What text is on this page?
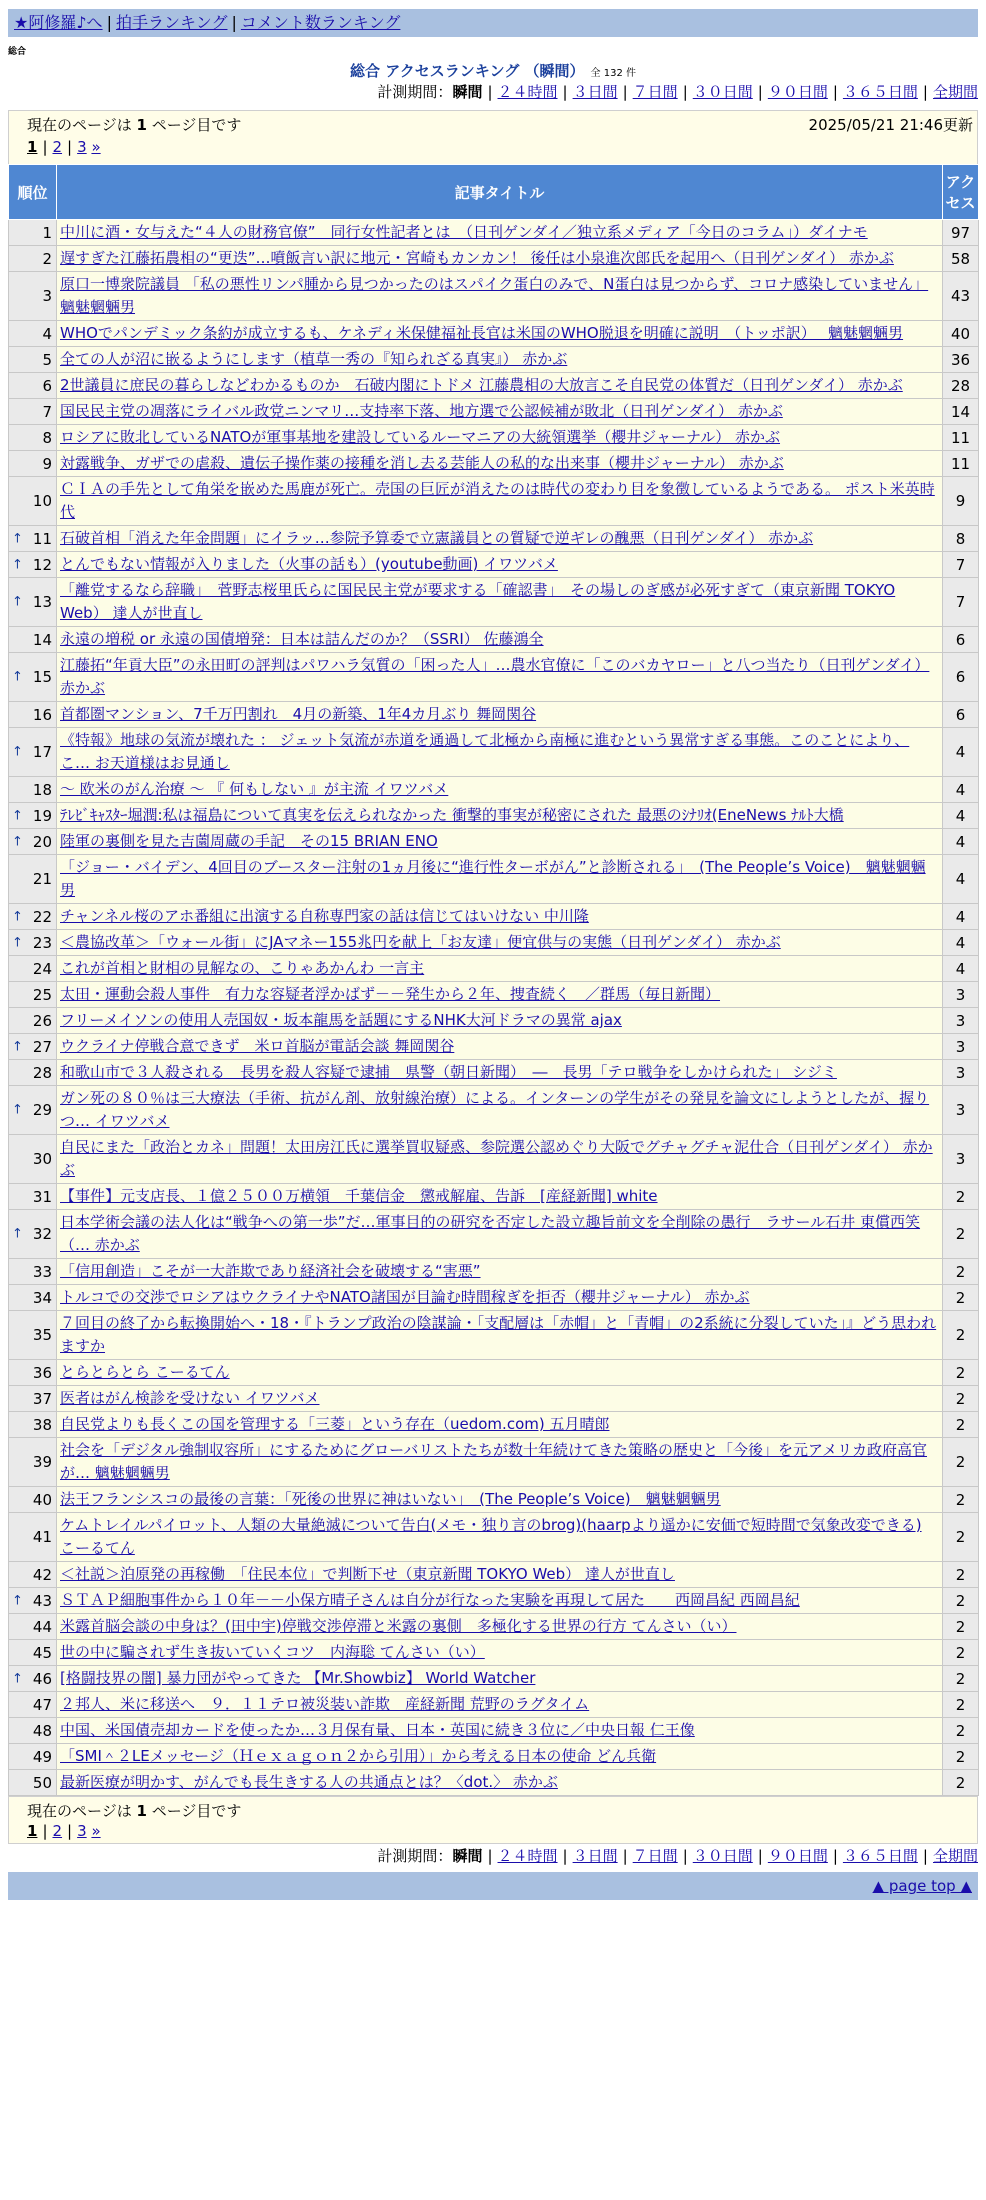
★阿修羅♪へ | 拍手ランキング | コメント数ランキング
総合
総合 アクセスランキング （瞬間） 全 132 件
計測期間：瞬間 | ２４時間 | ３日間 | ７日間 | ３０日間 | ９０日間 | ３６５日間 | 全期間
現在のページは 1 ページ目です	2025/05/21 21:46更新
1 | 2 | 3 »
順位	記事タイトル	アクセス
1	中川に酒・女与えた“４人の財務官僚”　同行女性記者とは　（日刊ゲンダイ／独立系メディア「今日のコラム」）ダイナモ	97
2	遅すぎた江藤拓農相の“更迭”…噴飯言い訳に地元・宮崎もカンカン！ 後任は小泉進次郎氏を起用へ（日刊ゲンダイ） 赤かぶ	58
3	原口一博衆院議員 「私の悪性リンパ腫から見つかったのはスパイク蛋白のみで、N蛋白は見つからず、コロナ感染していません」 魑魅魍魎男	43
4	WHOでパンデミック条約が成立するも、ケネディ米保健福祉長官は米国のWHO脱退を明確に説明　（トッポ訳）　 魑魅魍魎男	40
5	全ての人が沼に嵌るようにします（植草一秀の『知られざる真実』） 赤かぶ	36
6	2世議員に庶民の暮らしなどわかるものか　石破内閣にトドメ 江藤農相の大放言こそ自民党の体質だ（日刊ゲンダイ） 赤かぶ	28
7	国民民主党の凋落にライバル政党ニンマリ…支持率下落、地方選で公認候補が敗北（日刊ゲンダイ） 赤かぶ	14
8	ロシアに敗北しているNATOが軍事基地を建設しているルーマニアの大統領選挙（櫻井ジャーナル） 赤かぶ	11
9	対露戦争、ガザでの虐殺、遺伝子操作薬の接種を消し去る芸能人の私的な出来事（櫻井ジャーナル） 赤かぶ	11
10	ＣＩＡの手先として角栄を嵌めた馬鹿が死亡。売国の巨匠が消えたのは時代の変わり目を象徴しているようである。 ポスト米英時代	9

↑ 11	石破首相「消えた年金問題」にイラッ…参院予算委で立憲議員との質疑で逆ギレの醜悪（日刊ゲンダイ） 赤かぶ	8

↑ 12	とんでもない情報が入りました（火事の話も）(youtube動画) イワツバメ	7

↑ 13	「離党するなら辞職」　菅野志桜里氏らに国民民主党が要求する「確認書」　その場しのぎ感が必死すぎて（東京新聞 TOKYO Web） 達人が世直し	7
14	永遠の増税 or 永遠の国債増発：日本は詰んだのか？（SSRI） 佐藤鴻全	6

↑ 15	江藤拓“年貢大臣”の永田町の評判はパワハラ気質の「困った人」…農水官僚に「このバカヤロー」と八つ当たり（日刊ゲンダイ） 赤かぶ	6
16	首都圏マンション、7千万円割れ　4月の新築、1年4カ月ぶり 舞岡関谷	6

↑ 17	《特報》地球の気流が壊れた ： ジェット気流が赤道を通過して北極から南極に進むという異常すぎる事態。このことにより、こ… お天道様はお見通し	4
18	～ 欧米のがん治療 ～ 『 何もしない 』が主流 イワツバメ	4

↑ 19	ﾃﾚﾋﾞｷｬｽﾀｰ堀潤:私は福島について真実を伝えられなかった 衝撃的事実が秘密にされた 最悪のｼﾅﾘｵ(EneNews ﾅﾙﾄ大橋	4

↑ 20	陸軍の裏側を見た吉薗周蔵の手記　その15 BRIAN ENO	4
21	「ジョー・バイデン、4回目のブースター注射の1ヵ月後に“進行性ターボがん”と診断される」　(The People’s Voice)　魑魅魍魎男	4

↑ 22	チャンネル桜のアホ番組に出演する自称専門家の話は信じてはいけない 中川隆	4

↑ 23	＜農協改革＞「ウォール街」にJAマネー155兆円を献上「お友達」便宜供与の実態（日刊ゲンダイ） 赤かぶ	4
24	これが首相と財相の見解なの、こりゃあかんわ 一言主	4
25	太田・運動会殺人事件　有力な容疑者浮かばず－－発生から２年、捜査続く　／群馬（毎日新聞）	3
26	フリーメイソンの使用人売国奴・坂本龍馬を話題にするNHK大河ドラマの異常 ajax	3

↑ 27	ウクライナ停戦合意できず　米ロ首脳が電話会談 舞岡関谷	3
28	和歌山市で３人殺される　長男を殺人容疑で逮捕　県警（朝日新聞）　―　長男「テロ戦争をしかけられた」 シジミ	3

↑ 29	ガン死の８０％は三大療法（手術、抗がん剤、放射線治療）による。インターンの学生がその発見を論文にしようとしたが、握りつ… イワツバメ	3
30	自民にまた「政治とカネ」問題！太田房江氏に選挙買収疑惑、参院選公認めぐり大阪でグチャグチャ泥仕合（日刊ゲンダイ） 赤かぶ	3
31	【事件】元支店長、１億２５００万横領　千葉信金　懲戒解雇、告訴　[産経新聞] white	2

↑ 32	日本学術会議の法人化は“戦争への第一歩”だ…軍事目的の研究を否定した設立趣旨前文を全削除の愚行　ラサール石井 東償西笑（… 赤かぶ	2
33	「信用創造」こそが一大詐欺であり経済社会を破壊する“害悪”	2
34	トルコでの交渉でロシアはウクライナやNATO諸国が目論む時間稼ぎを拒否（櫻井ジャーナル） 赤かぶ	2
35	７回目の終了から転換開始へ・18・『トランプ政治の陰謀論・「支配層は「赤帽」と「青帽」の2系統に分裂していた」』どう思われますか	2
36	とらとらとら こーるてん	2
37	医者はがん検診を受けない イワツバメ	2
38	自民党よりも長くこの国を管理する「三菱」という存在（uedom.com) 五月晴郎	2
39	社会を「デジタル強制収容所」にするためにグローバリストたちが数十年続けてきた策略の歴史と「今後」を元アメリカ政府高官が… 魑魅魍魎男	2
40	法王フランシスコの最後の言葉：「死後の世界に神はいない」　(The People’s Voice)　魑魅魍魎男	2
41	ケムトレイルパイロット、人類の大量絶滅について告白(メモ・独り言のbrog)(haarpより遥かに安価で短時間で気象改変できる) こーるてん	2
42	＜社説＞泊原発の再稼働　「住民本位」で判断下せ（東京新聞 TOKYO Web） 達人が世直し	2

↑ 43	ＳＴＡＰ細胞事件から１０年－－小保方晴子さんは自分が行なった実験を再現して居た　　西岡昌紀 西岡昌紀	2
44	米露首脳会談の中身は？(田中宇)停戦交渉停滞と米露の裏側　多極化する世界の行方 てんさい（い）	2
45	世の中に騙されず生き抜いていくコツ　内海聡 てんさい（い）	2

↑ 46	[格闘技界の闇] 暴力団がやってきた 【Mr.Showbiz】 World Watcher	2
47	２邦人、米に移送へ　９．１１テロ被災装い詐欺　産経新聞 荒野のラグタイム	2
48	中国、米国債売却カードを使ったか…３月保有量、日本・英国に続き３位に／中央日報 仁王像	2
49	「SMI＾２LEメッセージ（Ｈｅｘａｇｏｎ２から引用）」から考える日本の使命 どん兵衛	2
50	最新医療が明かす、がんでも長生きする人の共通点とは？〈dot.〉 赤かぶ	2
現在のページは 1 ページ目です
1 | 2 | 3 »
計測期間：瞬間 | ２４時間 | ３日間 | ７日間 | ３０日間 | ９０日間 | ３６５日間 | 全期間
▲ page top ▲
